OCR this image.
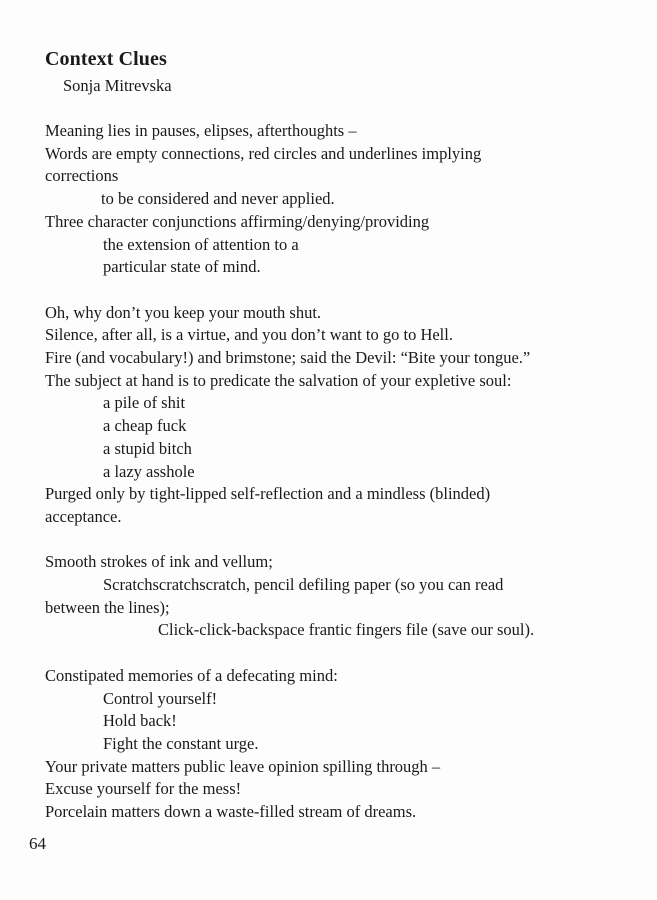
Context Clues
Sonja Mitrevska
Meaning lies in pauses, elipses, afterthoughts –
Words are empty connections, red circles and underlines implying
corrections
to be considered and never applied.
Three character conjunctions affirming/denying/providing
the extension of attention to a
particular state of mind.
Oh, why don’t you keep your mouth shut.
Silence, after all, is a virtue, and you don’t want to go to Hell.
Fire (and vocabulary!) and brimstone; said the Devil: “Bite your tongue.”
The subject at hand is to predicate the salvation of your expletive soul:
a pile of shit
a cheap fuck
a stupid bitch
a lazy asshole
Purged only by tight-lipped self-reflection and a mindless (blinded)
acceptance.
Smooth strokes of ink and vellum;
Scratchscratchscratch, pencil defiling paper (so you can read
between the lines);
Click-click-backspace frantic fingers file (save our soul).
Constipated memories of a defecating mind:
Control yourself!
Hold back!
Fight the constant urge.
Your private matters public leave opinion spilling through –
Excuse yourself for the mess!
Porcelain matters down a waste-filled stream of dreams.
64
